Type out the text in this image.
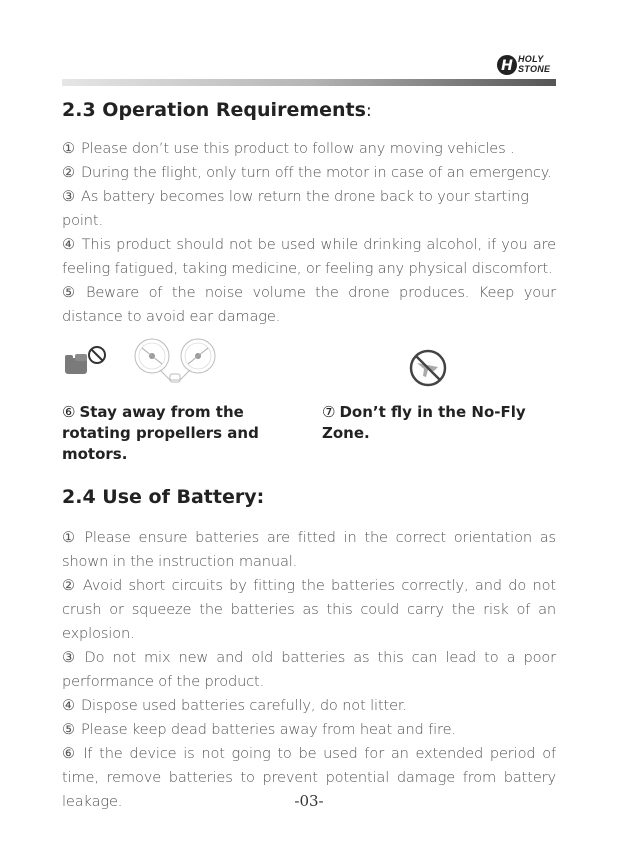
H HOLY
STONE
2.3 Operation Requirements:
① Please don’t use this product to follow any moving vehicles .
② During the flight, only turn off the motor in case of an emergency.
③ As battery becomes low return the drone back to your starting point.
④ This product should not be used while drinking alcohol, if you are feeling fatigued, taking medicine, or feeling any physical discomfort.
⑤ Beware of the noise volume the drone produces. Keep your distance to avoid ear damage.

⑥ Stay away from the rotating propellers and motors.

⑦ Don’t fly in the No-Fly Zone.

2.4 Use of Battery:
① Please ensure batteries are fitted in the correct orientation as shown in the instruction manual.
② Avoid short circuits by fitting the batteries correctly, and do not crush or squeeze the batteries as this could carry the risk of an explosion.
③ Do not mix new and old batteries as this can lead to a poor performance of the product.
④ Dispose used batteries carefully, do not litter.
⑤ Please keep dead batteries away from heat and fire.
⑥ If the device is not going to be used for an extended period of time, remove batteries to prevent potential damage from battery leakage.	-03-
